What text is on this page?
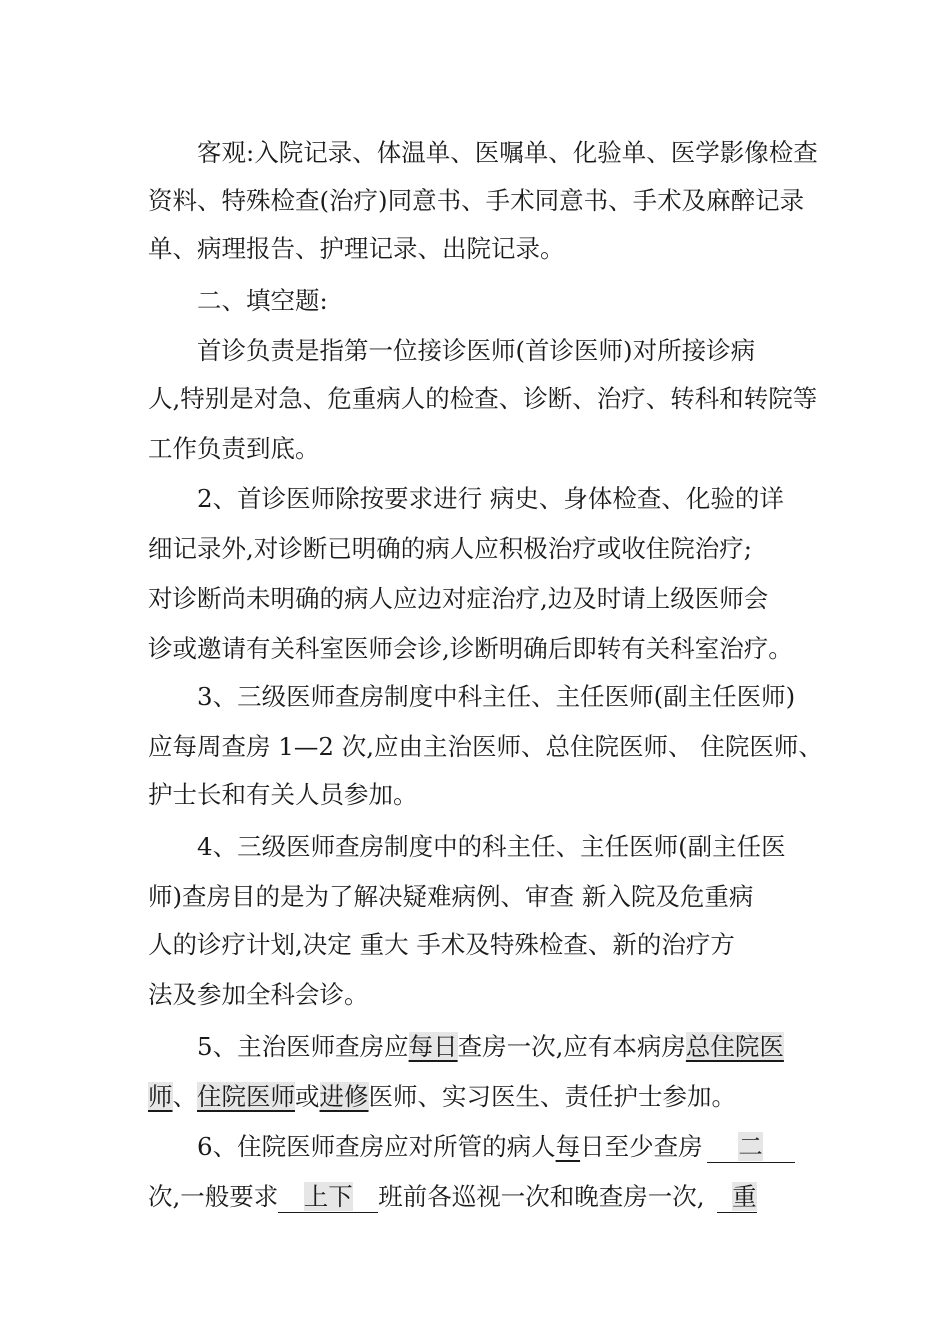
客观:入院记录、体温单、医嘱单、化验单、医学影像检查
资料、特殊检查(治疗)同意书、手术同意书、手术及麻醉记录
单、病理报告、护理记录、出院记录。
二、填空题:
首诊负责是指第一位接诊医师(首诊医师)对所接诊病
人,特别是对急、危重病人的检查、诊断、治疗、转科和转院等
工作负责到底。
2、首诊医师除按要求进行 病史、身体检查、化验的详
细记录外,对诊断已明确的病人应积极治疗或收住院治疗;
对诊断尚未明确的病人应边对症治疗,边及时请上级医师会
诊或邀请有关科室医师会诊,诊断明确后即转有关科室治疗。
3、三级医师查房制度中科主任、主任医师(副主任医师)
应每周查房 1—2 次,应由主治医师、总住院医师、 住院医师、
护士长和有关人员参加。
4、三级医师查房制度中的科主任、主任医师(副主任医
师)查房目的是为了解决疑难病例、审查 新入院及危重病
人的诊疗计划,决定 重大 手术及特殊检查、新的治疗方
法及参加全科会诊。
5、主治医师查房应每日查房一次,应有本病房总住院医
师、住院医师或进修医师、实习医生、责任护士参加。
6、住院医师查房应对所管的病人每日至少查房 二
次,一般要求 上下 班前各巡视一次和晚查房一次, 重
